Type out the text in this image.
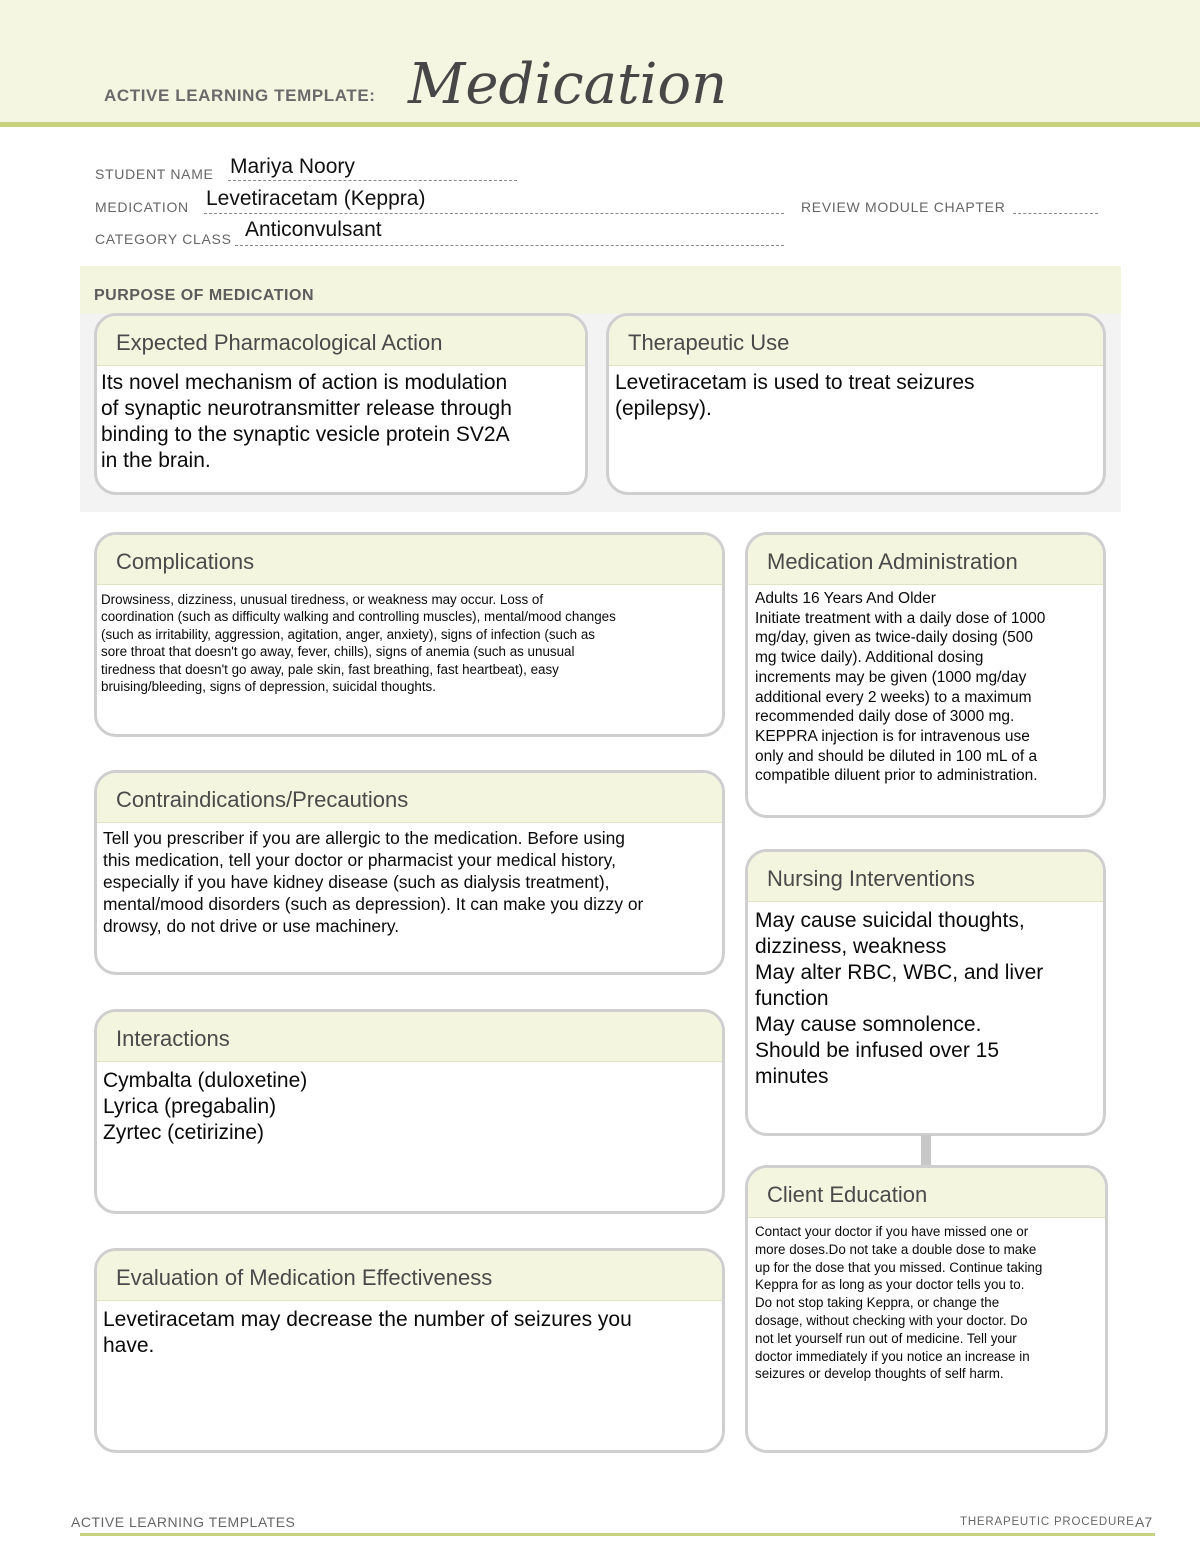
ACTIVE LEARNING TEMPLATE: Medication
STUDENT NAME Mariya Noory
MEDICATION Levetiracetam (Keppra)	REVIEW MODULE CHAPTER
CATEGORY CLASS Anticonvulsant
PURPOSE OF MEDICATION
Expected Pharmacological Action
Its novel mechanism of action is modulation
of synaptic neurotransmitter release through
binding to the synaptic vesicle protein SV2A
in the brain.
Therapeutic Use
Levetiracetam is used to treat seizures
(epilepsy).
Complications
Drowsiness, dizziness, unusual tiredness, or weakness may occur. Loss of
coordination (such as difficulty walking and controlling muscles), mental/mood changes
(such as irritability, aggression, agitation, anger, anxiety), signs of infection (such as
sore throat that doesn't go away, fever, chills), signs of anemia (such as unusual
tiredness that doesn't go away, pale skin, fast breathing, fast heartbeat), easy
bruising/bleeding, signs of depression, suicidal thoughts.
Medication Administration
Adults 16 Years And Older
Initiate treatment with a daily dose of 1000
mg/day, given as twice-daily dosing (500
mg twice daily). Additional dosing
increments may be given (1000 mg/day
additional every 2 weeks) to a maximum
recommended daily dose of 3000 mg.
KEPPRA injection is for intravenous use
only and should be diluted in 100 mL of a
compatible diluent prior to administration.
Contraindications/Precautions
Tell you prescriber if you are allergic to the medication. Before using
this medication, tell your doctor or pharmacist your medical history,
especially if you have kidney disease (such as dialysis treatment),
mental/mood disorders (such as depression). It can make you dizzy or
drowsy, do not drive or use machinery.
Nursing Interventions
May cause suicidal thoughts,
dizziness, weakness
May alter RBC, WBC, and liver
function
May cause somnolence.
Should be infused over 15
minutes
Interactions
Cymbalta (duloxetine)
Lyrica (pregabalin)
Zyrtec (cetirizine)
Client Education
Contact your doctor if you have missed one or
more doses.Do not take a double dose to make
up for the dose that you missed. Continue taking
Keppra for as long as your doctor tells you to.
Do not stop taking Keppra, or change the
dosage, without checking with your doctor. Do
not let yourself run out of medicine. Tell your
doctor immediately if you notice an increase in
seizures or develop thoughts of self harm.
Evaluation of Medication Effectiveness
Levetiracetam may decrease the number of seizures you
have.
ACTIVE LEARNING TEMPLATES	THERAPEUTIC PROCEDURE A7
